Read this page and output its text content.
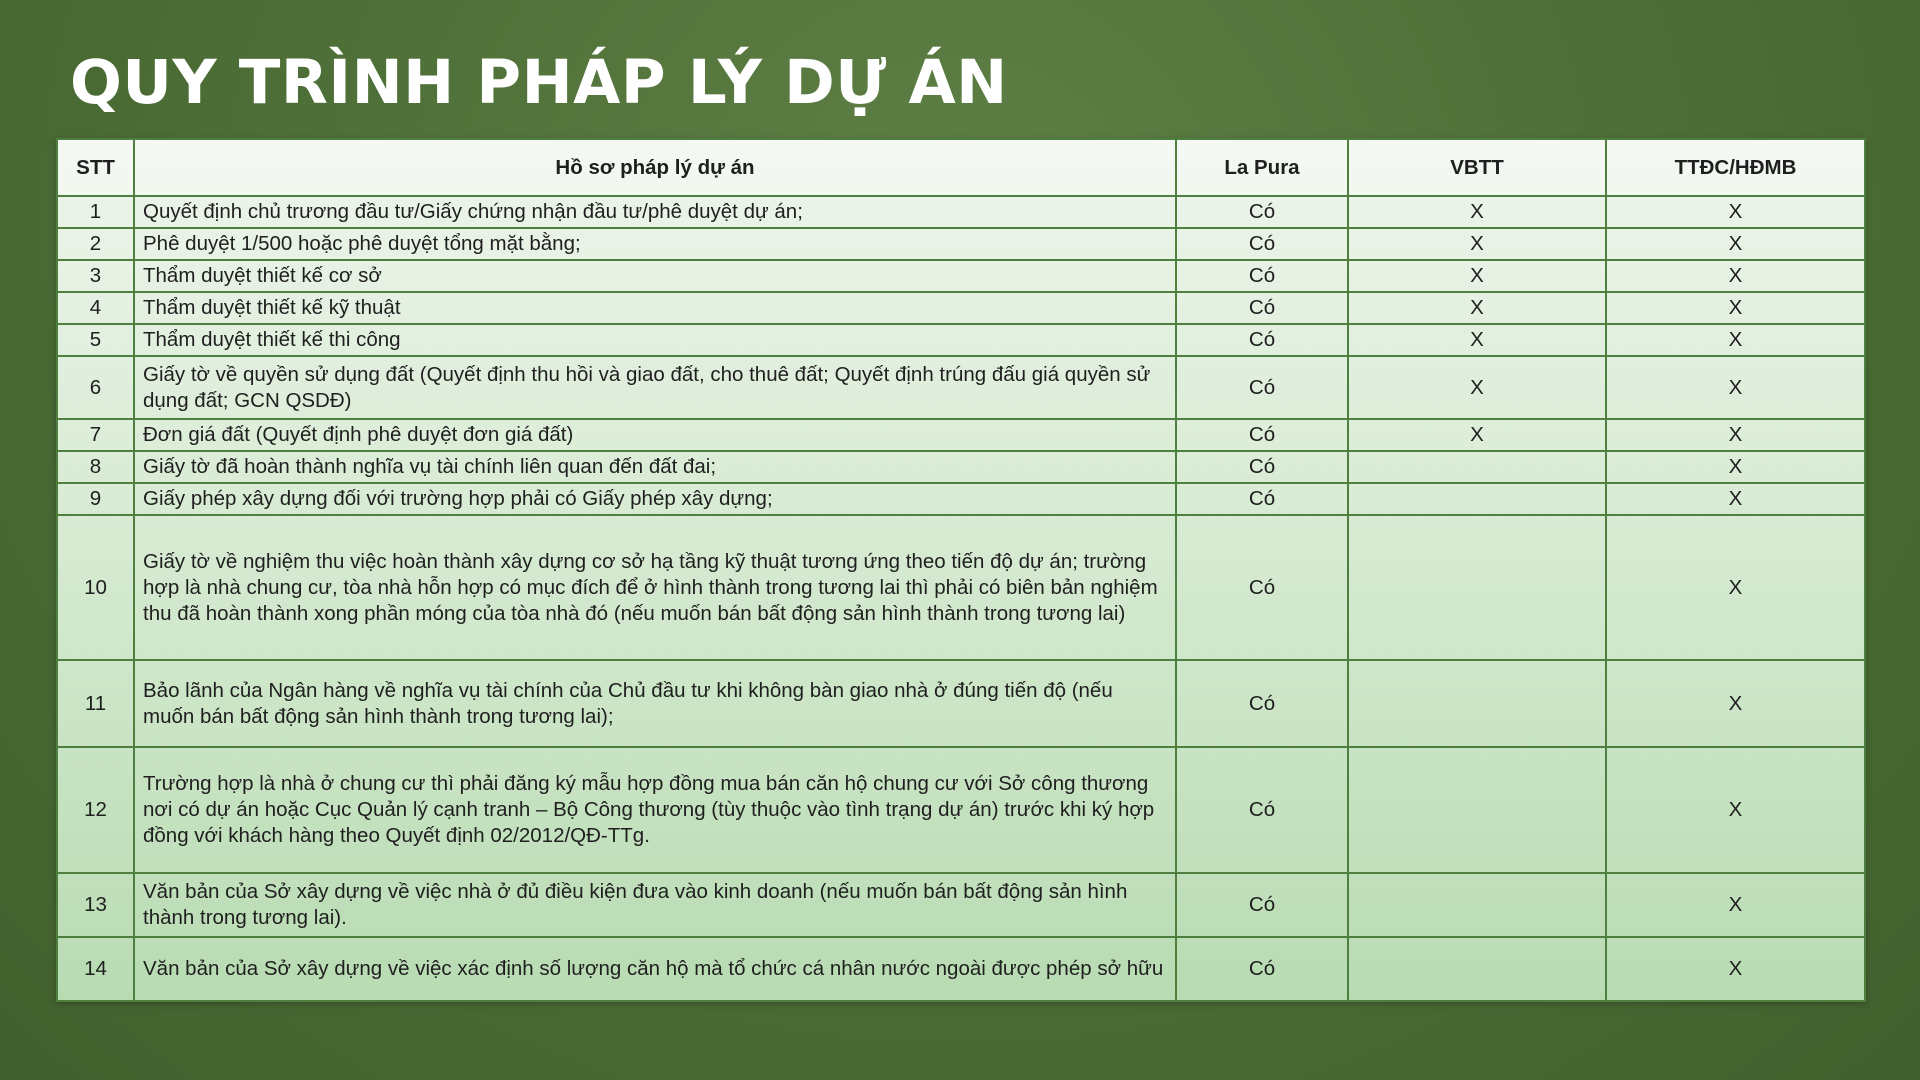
QUY TRÌNH PHÁP LÝ DỰ ÁN
STT	Hồ sơ pháp lý dự án	La Pura	VBTT	TTĐC/HĐMB
1	Quyết định chủ trương đầu tư/Giấy chứng nhận đầu tư/phê duyệt dự án;	Có	X	X
2	Phê duyệt 1/500 hoặc phê duyệt tổng mặt bằng;	Có	X	X
3	Thẩm duyệt thiết kế cơ sở	Có	X	X
4	Thẩm duyệt thiết kế kỹ thuật	Có	X	X
5	Thẩm duyệt thiết kế thi công	Có	X	X
6	Giấy tờ về quyền sử dụng đất (Quyết định thu hồi và giao đất, cho thuê đất; Quyết định trúng đấu giá quyền sử dụng đất; GCN QSDĐ)	Có	X	X
7	Đơn giá đất (Quyết định phê duyệt đơn giá đất)	Có	X	X
8	Giấy tờ đã hoàn thành nghĩa vụ tài chính liên quan đến đất đai;	Có		X
9	Giấy phép xây dựng đối với trường hợp phải có Giấy phép xây dựng;	Có		X
10	Giấy tờ về nghiệm thu việc hoàn thành xây dựng cơ sở hạ tầng kỹ thuật tương ứng theo tiến độ dự án; trường hợp là nhà chung cư, tòa nhà hỗn hợp có mục đích để ở hình thành trong tương lai thì phải có biên bản nghiệm thu đã hoàn thành xong phần móng của tòa nhà đó (nếu muốn bán bất động sản hình thành trong tương lai)	Có		X
11	Bảo lãnh của Ngân hàng về nghĩa vụ tài chính của Chủ đầu tư khi không bàn giao nhà ở đúng tiến độ (nếu muốn bán bất động sản hình thành trong tương lai);	Có		X
12	Trường hợp là nhà ở chung cư thì phải đăng ký mẫu hợp đồng mua bán căn hộ chung cư với Sở công thương nơi có dự án hoặc Cục Quản lý cạnh tranh – Bộ Công thương (tùy thuộc vào tình trạng dự án) trước khi ký hợp đồng với khách hàng theo Quyết định 02/2012/QĐ-TTg.	Có		X
13	Văn bản của Sở xây dựng về việc nhà ở đủ điều kiện đưa vào kinh doanh (nếu muốn bán bất động sản hình thành trong tương lai).	Có		X
14	Văn bản của Sở xây dựng về việc xác định số lượng căn hộ mà tổ chức cá nhân nước ngoài được phép sở hữu	Có		X
